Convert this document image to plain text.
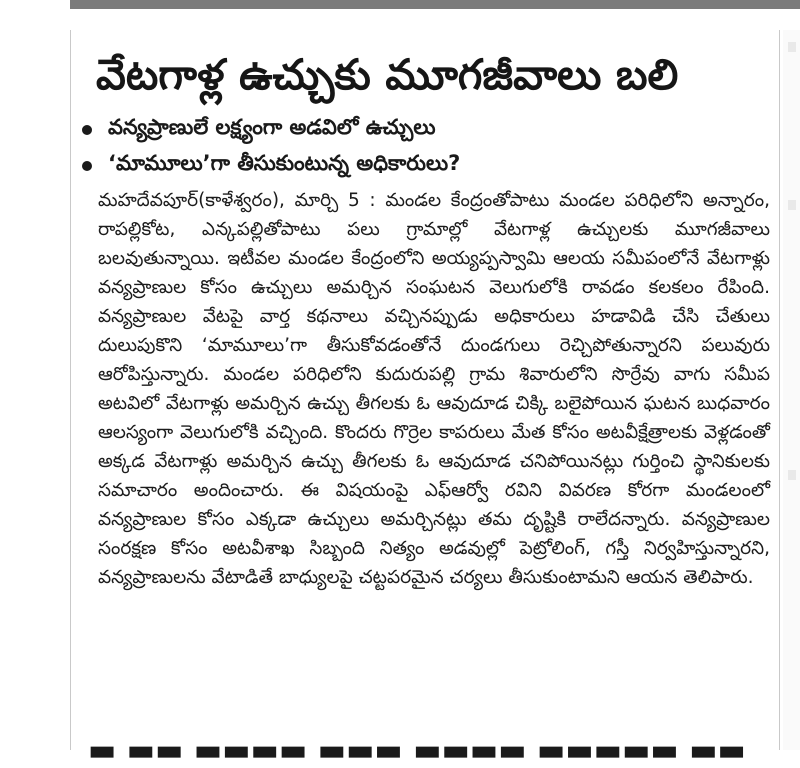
వేటగాళ్ల ఉచ్చుకు మూగజీవాలు బలి
వన్యప్రాణులే లక్ష్యంగా అడవిలో ఉచ్చులు
‘మామూలు’గా తీసుకుంటున్న అధికారులు?

మహదేవపూర్(కాళేశ్వరం), మార్చి 5 : మండల కేంద్రంతోపాటు మండల పరిధిలోని అన్నారం, రాపల్లికోట, ఎన్కపల్లితోపాటు పలు గ్రామాల్లో వేటగాళ్ల ఉచ్చులకు మూగజీవాలు బలవుతున్నాయి. ఇటీవల మండల కేంద్రంలోని అయ్యప్పస్వామి ఆలయ సమీపంలోనే వేటగాళ్లు వన్యప్రాణుల కోసం ఉచ్చులు అమర్చిన సంఘటన వెలుగులోకి రావడం కలకలం రేపింది. వన్యప్రాణుల వేటపై వార్త కథనాలు వచ్చినప్పుడు అధికారులు హడావిడి చేసి చేతులు దులుపుకొని ‘మామూలు’గా తీసుకోవడంతోనే దుండగులు రెచ్చిపోతున్నారని పలువురు ఆరోపిస్తున్నారు. మండల పరిధిలోని కుదురుపల్లి గ్రామ శివారులోని సొర్రేవు వాగు సమీప అటవిలో వేటగాళ్లు అమర్చిన ఉచ్చు తీగలకు ఓ ఆవుదూడ చిక్కి బలైపోయిన ఘటన బుధవారం ఆలస్యంగా వెలుగులోకి వచ్చింది. కొందరు గొర్రెల కాపరులు మేత కోసం అటవీక్షేత్రాలకు వెళ్లడంతో అక్కడ వేటగాళ్లు అమర్చిన ఉచ్చు తీగలకు ఓ ఆవుదూడ చనిపోయినట్లు గుర్తించి స్థానికులకు సమాచారం అందించారు. ఈ విషయంపై ఎఫ్ఆర్వో రవిని వివరణ కోరగా మండలంలో వన్యప్రాణుల కోసం ఎక్కడా ఉచ్చులు అమర్చినట్లు తమ దృష్టికి రాలేదన్నారు. వన్యప్రాణుల సంరక్షణ కోసం అటవీశాఖ సిబ్బంది నిత్యం అడవుల్లో పెట్రోలింగ్, గస్తీ నిర్వహిస్తున్నారని, వన్యప్రాణులను వేటాడితే బాధ్యులపై చట్టపరమైన చర్యలు తీసుకుంటామని ఆయన తెలిపారు.

▬ ▬▬ ▬▬▬▬ ▬▬▬ ▬▬▬▬ ▬▬▬▬▬ ▬▬
